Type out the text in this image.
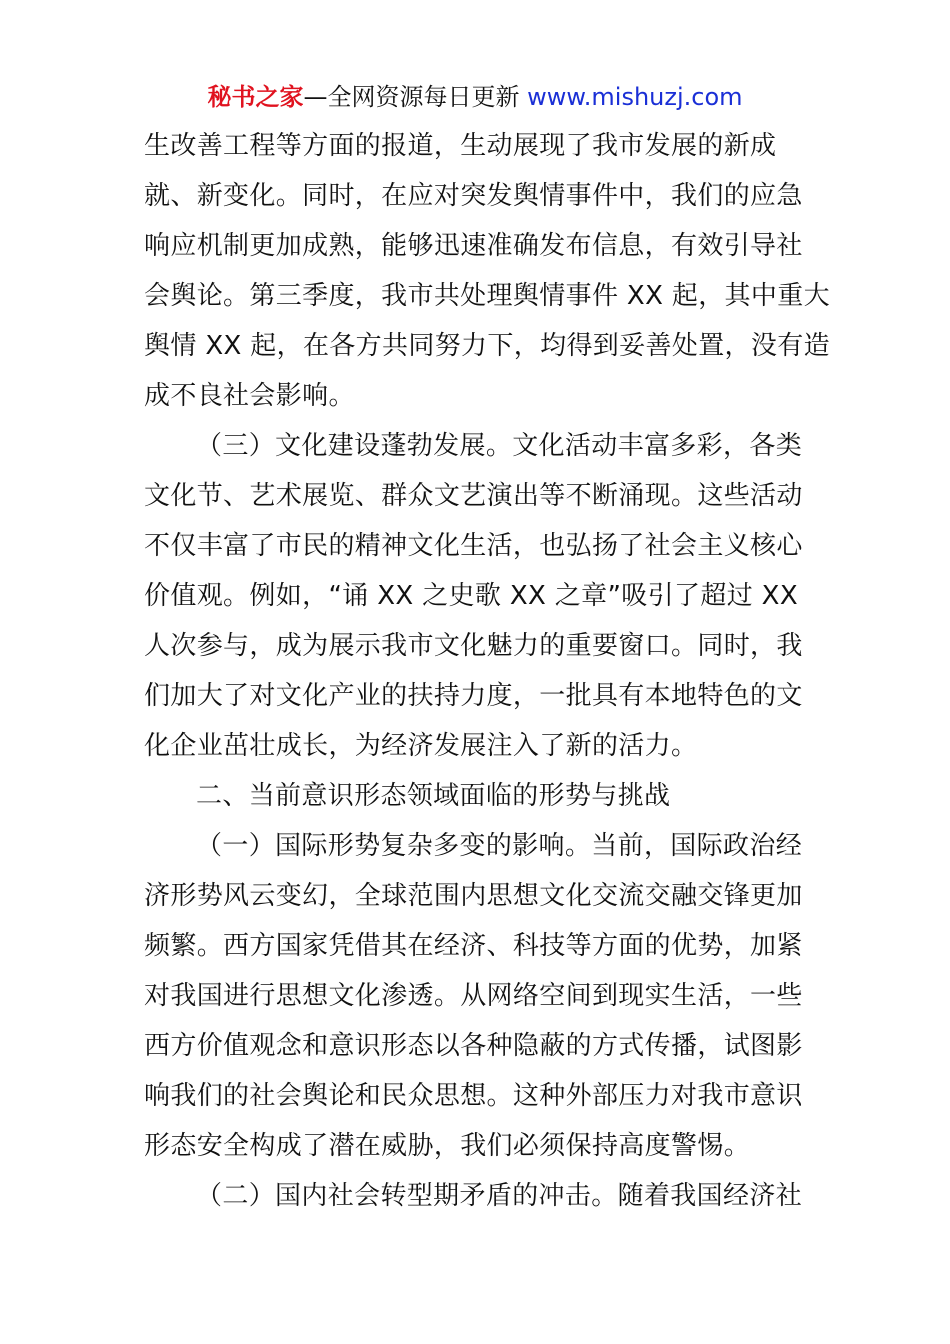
秘书之家—全网资源每日更新 www.mishuzj.com
生改善工程等方面的报道，生动展现了我市发展的新成
就、新变化。同时，在应对突发舆情事件中，我们的应急
响应机制更加成熟，能够迅速准确发布信息，有效引导社
会舆论。第三季度，我市共处理舆情事件 XX 起，其中重大
舆情 XX 起，在各方共同努力下，均得到妥善处置，没有造
成不良社会影响。
（三）文化建设蓬勃发展。文化活动丰富多彩，各类
文化节、艺术展览、群众文艺演出等不断涌现。这些活动
不仅丰富了市民的精神文化生活，也弘扬了社会主义核心
价值观。例如，“诵 XX 之史歌 XX 之章”吸引了超过 XX
人次参与，成为展示我市文化魅力的重要窗口。同时，我
们加大了对文化产业的扶持力度，一批具有本地特色的文
化企业茁壮成长，为经济发展注入了新的活力。
二、当前意识形态领域面临的形势与挑战
（一）国际形势复杂多变的影响。当前，国际政治经
济形势风云变幻，全球范围内思想文化交流交融交锋更加
频繁。西方国家凭借其在经济、科技等方面的优势，加紧
对我国进行思想文化渗透。从网络空间到现实生活，一些
西方价值观念和意识形态以各种隐蔽的方式传播，试图影
响我们的社会舆论和民众思想。这种外部压力对我市意识
形态安全构成了潜在威胁，我们必须保持高度警惕。
（二）国内社会转型期矛盾的冲击。随着我国经济社
